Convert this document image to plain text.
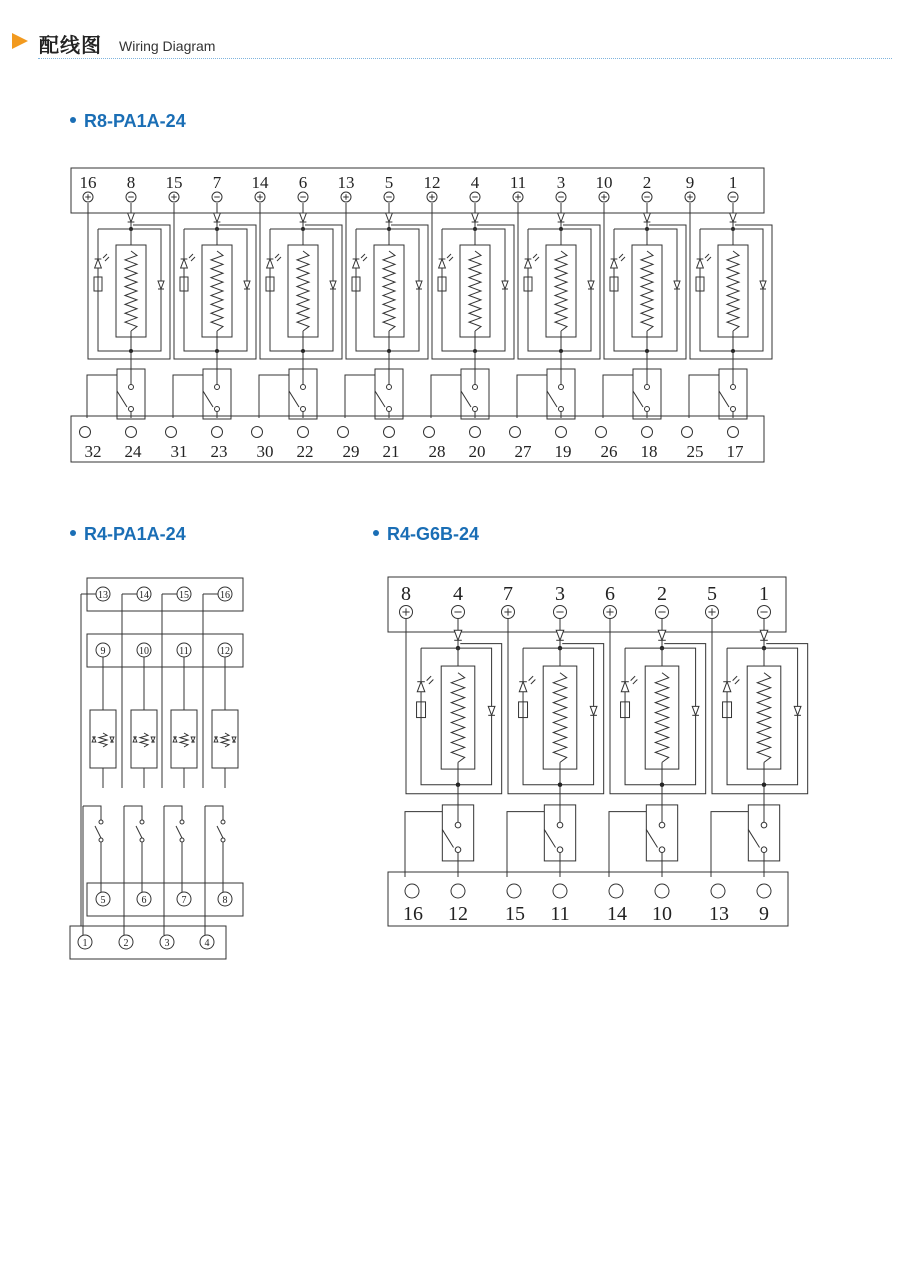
配线图 Wiring Diagram
R8-PA1A-24
R4-PA1A-24	R4-G6B-24
16 8
32 24
15 7
31 23
14 6
30 22
13 5
29 21
12 4
28 20
11 3
27 19
10 2
26 18
9 1
25 17
13
9
5
1
14
10
6
2
15
11
7
3
16
12
8
4
8 4
16 12
7 3
15 11
6 2
14 10
5 1
13 9
